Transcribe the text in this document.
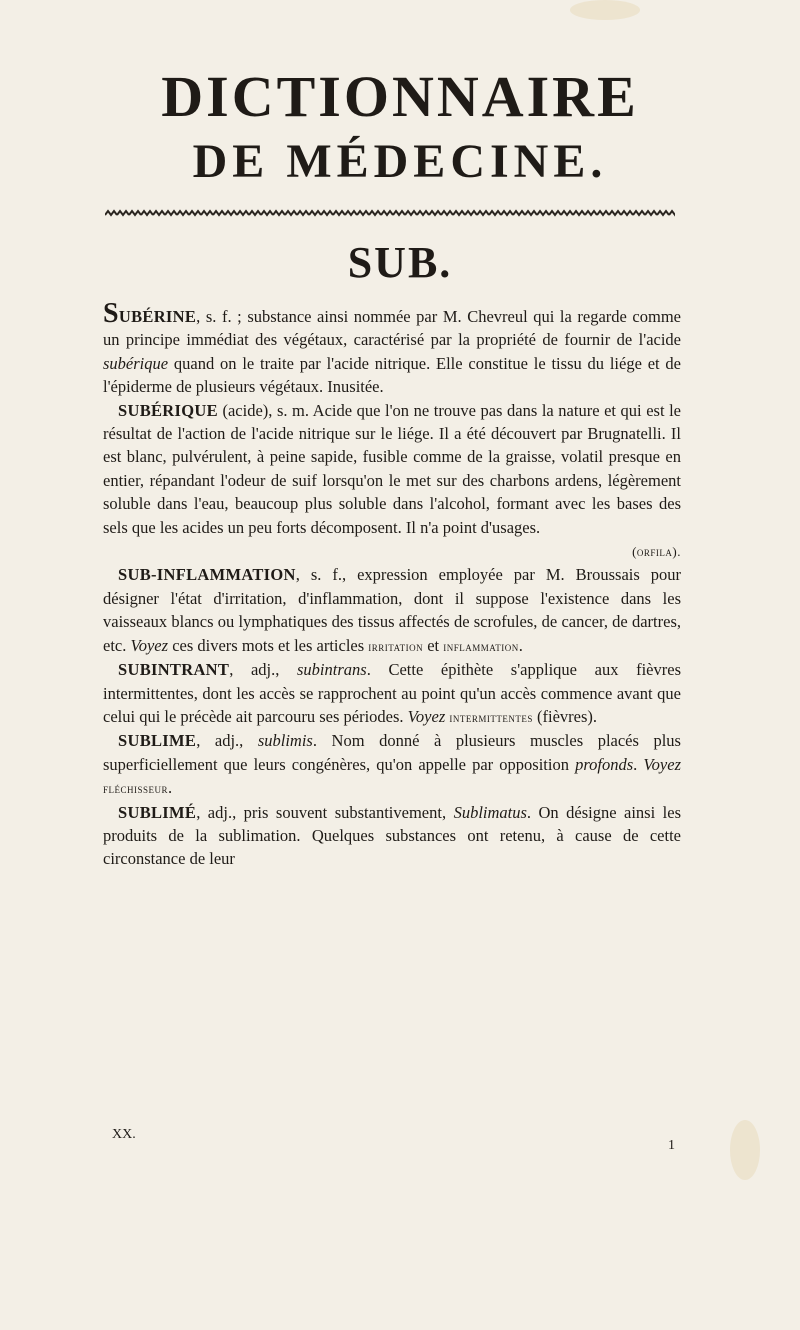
DICTIONNAIRE
DE MÉDECINE.
SUB.

SUBÉRINE, s. f. ; substance ainsi nommée par M. Chevreul qui la regarde comme un principe immédiat des végétaux, caractérisé par la propriété de fournir de l'acide subérique quand on le traite par l'acide nitrique. Elle constitue le tissu du liége et de l'épiderme de plusieurs végétaux. Inusitée.

SUBÉRIQUE (acide), s. m. Acide que l'on ne trouve pas dans la nature et qui est le résultat de l'action de l'acide nitrique sur le liége. Il a été découvert par Brugnatelli. Il est blanc, pulvérulent, à peine sapide, fusible comme de la graisse, volatil presque en entier, répandant l'odeur de suif lorsqu'on le met sur des charbons ardens, légèrement soluble dans l'eau, beaucoup plus soluble dans l'alcohol, formant avec les bases des sels que les acides un peu forts décomposent. Il n'a point d'usages.

(orfila).

SUB-INFLAMMATION, s. f., expression employée par M. Broussais pour désigner l'état d'irritation, d'inflammation, dont il suppose l'existence dans les vaisseaux blancs ou lymphatiques des tissus affectés de scrofules, de cancer, de dartres, etc. Voyez ces divers mots et les articles irritation et inflammation.

SUBINTRANT, adj., subintrans. Cette épithète s'applique aux fièvres intermittentes, dont les accès se rapprochent au point qu'un accès commence avant que celui qui le précède ait parcouru ses périodes. Voyez intermittentes (fièvres).

SUBLIME, adj., sublimis. Nom donné à plusieurs muscles placés plus superficiellement que leurs congénères, qu'on appelle par opposition profonds. Voyez fléchisseur.

SUBLIMÉ, adj., pris souvent substantivement, Sublimatus. On désigne ainsi les produits de la sublimation. Quelques substances ont retenu, à cause de cette circonstance de leur

XX.
1
